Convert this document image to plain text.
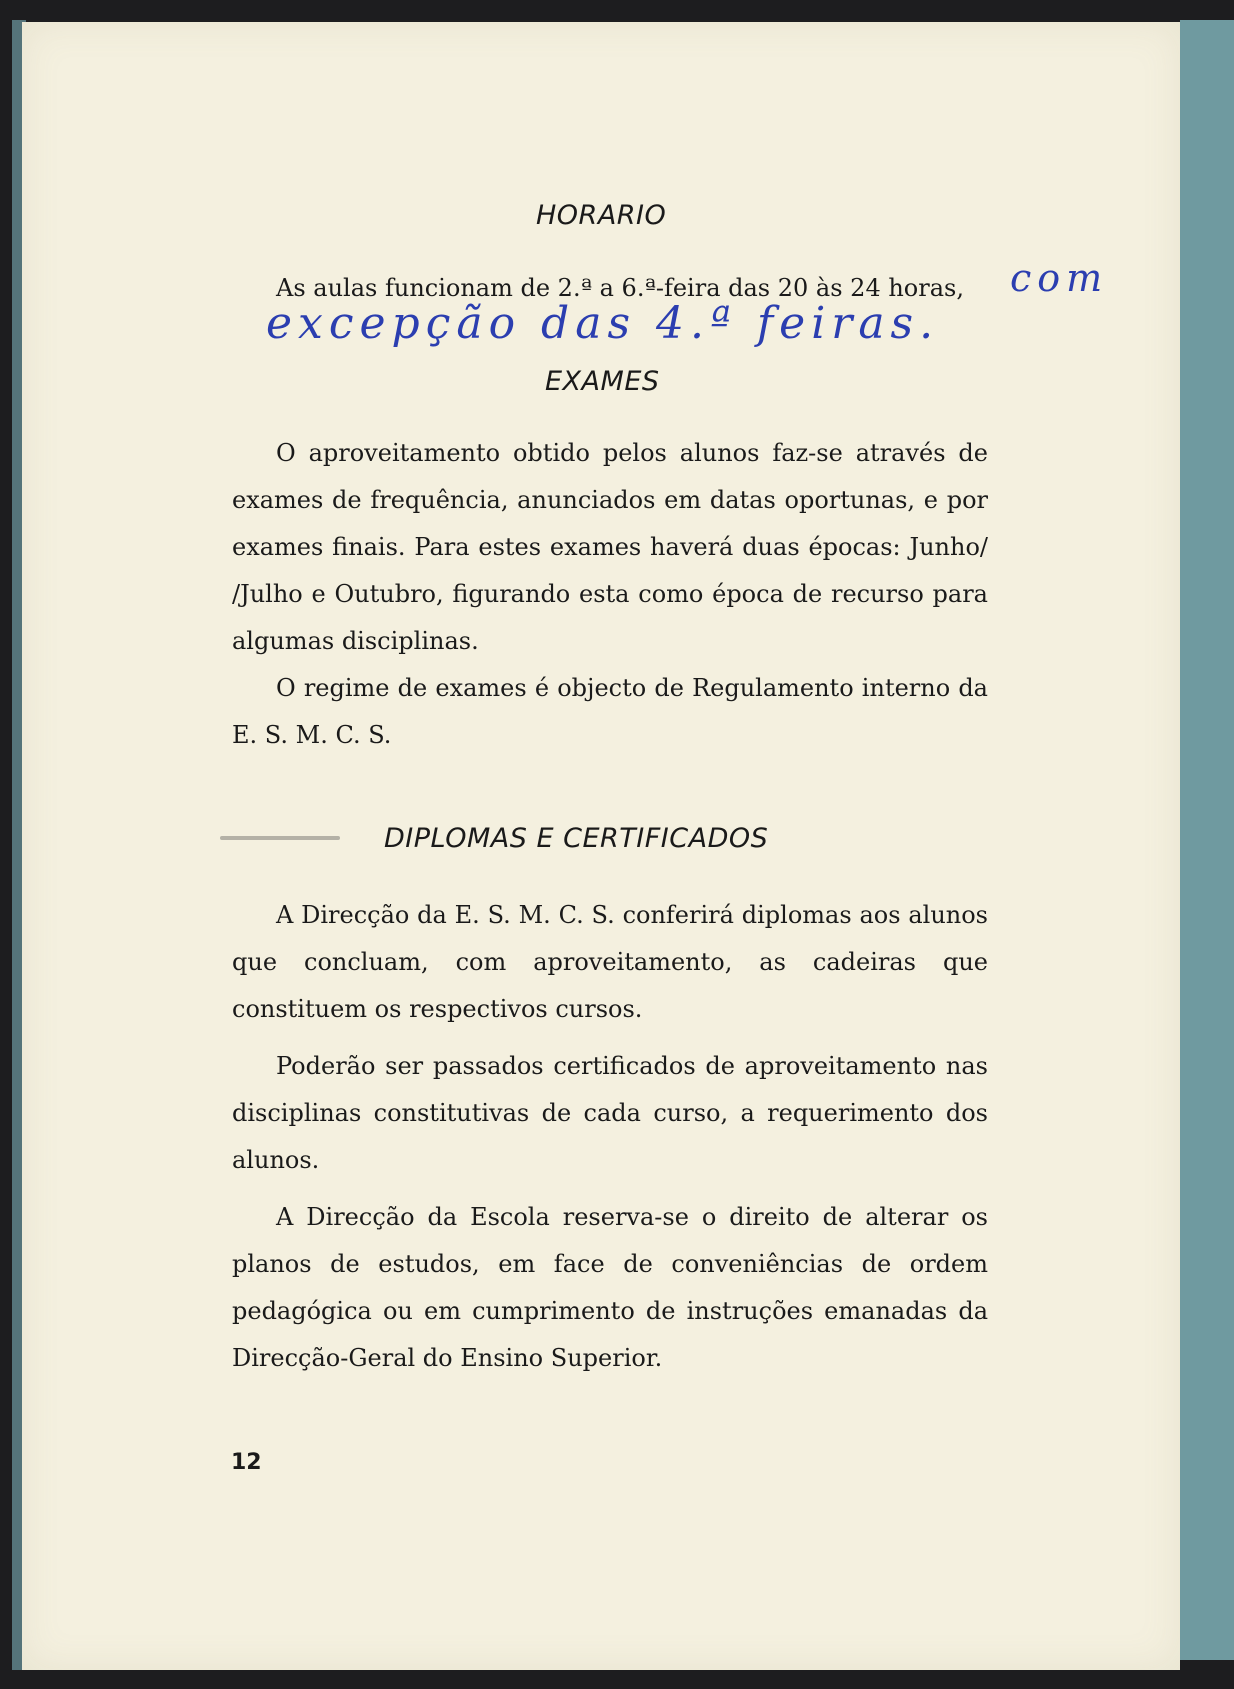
HORARIO

As aulas funcionam de 2.ª a 6.ª-feira das 20 às 24 horas,	com
excepção das 4.ª feiras.
EXAMES

O aproveitamento obtido pelos alunos faz-se através de exames de frequência, anunciados em datas oportunas, e por exames finais. Para estes exames haverá duas épocas: Junho/ /Julho e Outubro, figurando esta como época de recurso para algumas disciplinas.

O regime de exames é objecto de Regulamento interno da E. S. M. C. S.

DIPLOMAS E CERTIFICADOS

A Direcção da E. S. M. C. S. conferirá diplomas aos alunos que concluam, com aproveitamento, as cadeiras que constituem os respectivos cursos.

Poderão ser passados certificados de aproveitamento nas disciplinas constitutivas de cada curso, a requerimento dos alunos.

A Direcção da Escola reserva-se o direito de alterar os planos de estudos, em face de conveniências de ordem pedagógica ou em cumprimento de instruções emanadas da Direcção-Geral do Ensino Superior.

12
